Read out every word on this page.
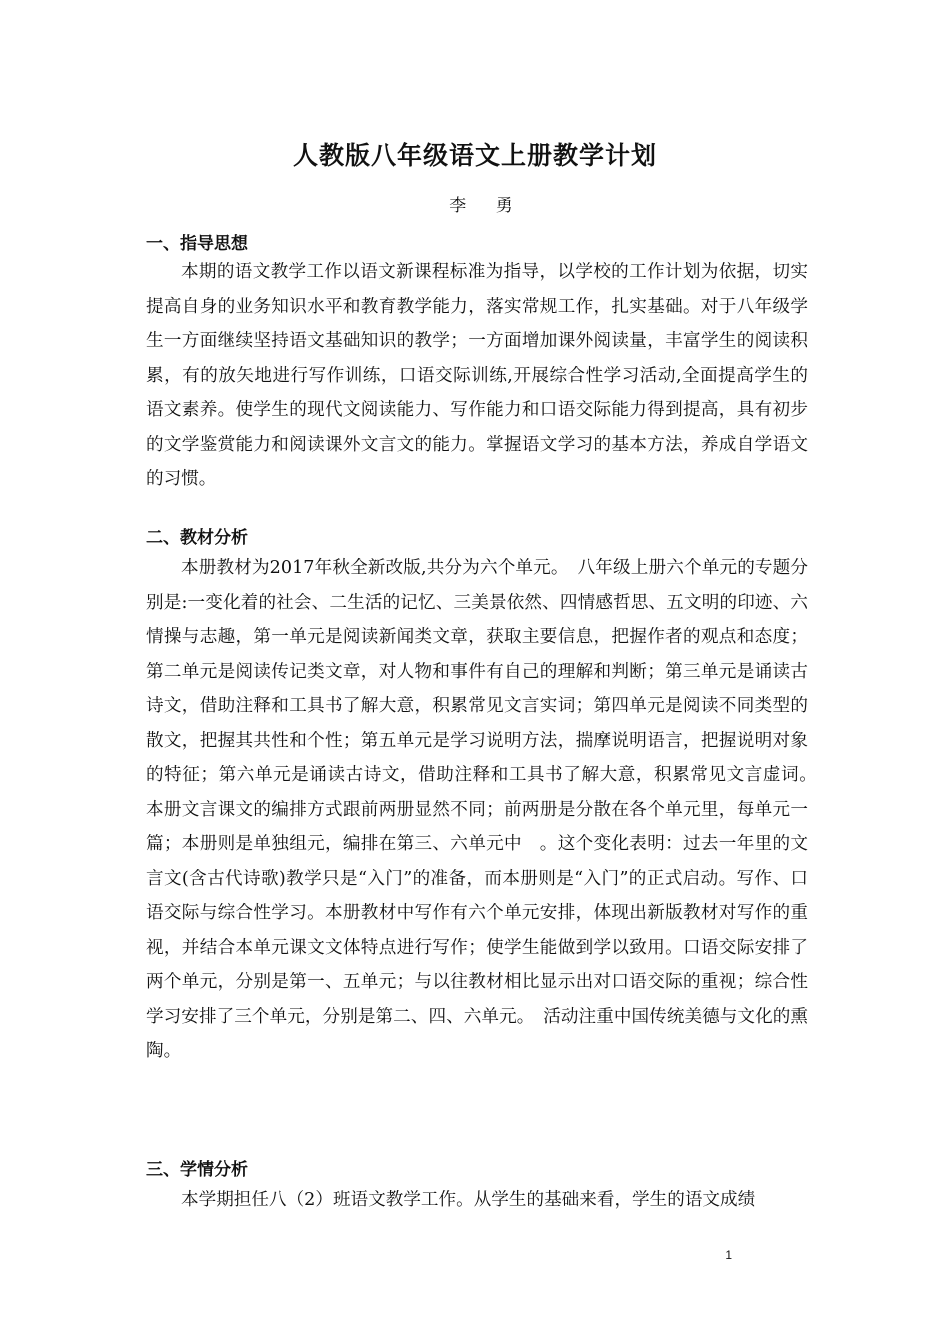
人教版八年级语文上册教学计划
李 勇
一、指导思想

本期的语文教学工作以语文新课程标准为指导，以学校的工作计划为依据，切实提高自身的业务知识水平和教育教学能力，落实常规工作，扎实基础。对于八年级学生一方面继续坚持语文基础知识的教学；一方面增加课外阅读量，丰富学生的阅读积累，有的放矢地进行写作训练，口语交际训练,开展综合性学习活动,全面提高学生的语文素养。使学生的现代文阅读能力、写作能力和口语交际能力得到提高，具有初步的文学鉴赏能力和阅读课外文言文的能力。掌握语文学习的基本方法，养成自学语文的习惯。

二、教材分析

本册教材为2017年秋全新改版,共分为六个单元。　八年级上册六个单元的专题分别是:一变化着的社会、二生活的记忆、三美景依然、四情感哲思、五文明的印迹、六情操与志趣，第一单元是阅读新闻类文章，获取主要信息，把握作者的观点和态度；第二单元是阅读传记类文章，对人物和事件有自己的理解和判断；第三单元是诵读古诗文，借助注释和工具书了解大意，积累常见文言实词；第四单元是阅读不同类型的散文，把握其共性和个性；第五单元是学习说明方法，揣摩说明语言，把握说明对象的特征；第六单元是诵读古诗文，借助注释和工具书了解大意，积累常见文言虚词。　　本册文言课文的编排方式跟前两册显然不同；前两册是分散在各个单元里，每单元一篇；本册则是单独组元，编排在第三、六单元中　。这个变化表明：过去一年里的文言文(含古代诗歌)教学只是“入门”的准备，而本册则是“入门”的正式启动。写作、口语交际与综合性学习。本册教材中写作有六个单元安排，体现出新版教材对写作的重视，并结合本单元课文文体特点进行写作；使学生能做到学以致用。口语交际安排了两个单元，分别是第一、五单元；与以往教材相比显示出对口语交际的重视；综合性学习安排了三个单元，分别是第二、四、六单元。　活动注重中国传统美德与文化的熏陶。

三、学情分析

本学期担任八（2）班语文教学工作。从学生的基础来看，学生的语文成绩

1
